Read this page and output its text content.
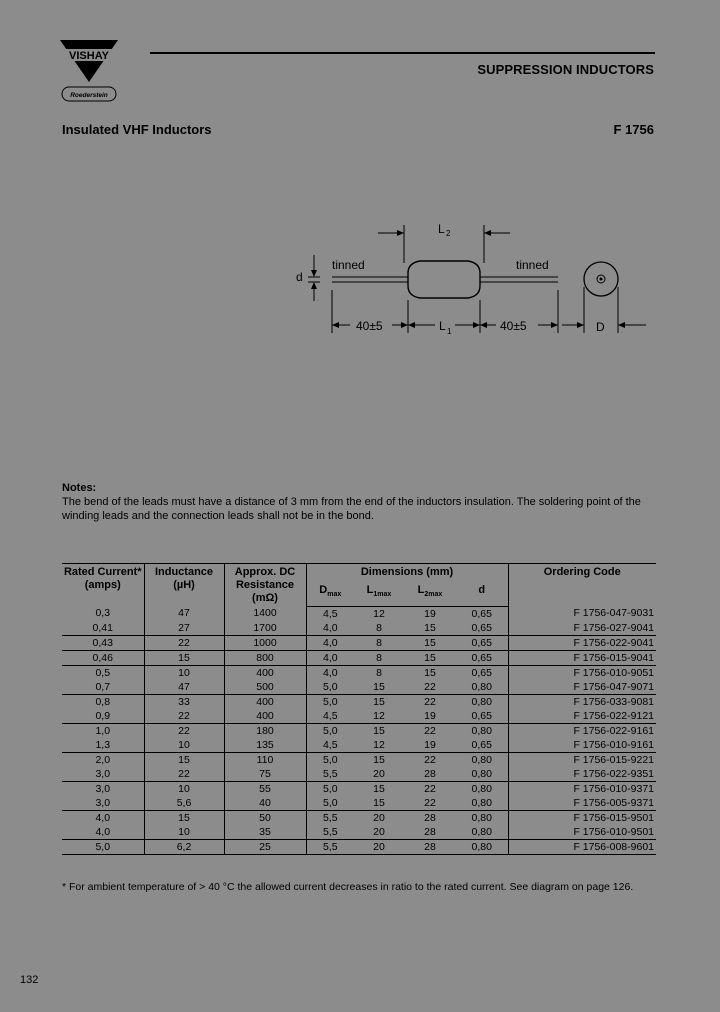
VISHAY
Roederstein
SUPPRESSION INDUCTORS
Insulated VHF Inductors	F 1756
tinned	tinned
d
L 2
40±5	40±5
L 1	D
Notes:
The bend of the leads must have a distance of 3 mm from the end of the inductors insulation. The soldering point of the winding leads and the connection leads shall not be in the bond.
Rated Current* (amps)	Inductance (µH)	Approx. DC Resistance (mΩ)	Dimensions (mm)				Ordering Code
			$D_{max}$	$L_{1max}$	$L_{2max}$	d	
0,3	47	1400	4,5	12	19	0,65	F 1756-047-9031
0,41	27	1700	4,0	8	15	0,65	F 1756-027-9041
0,43	22	1000	4,0	8	15	0,65	F 1756-022-9041
0,46	15	800	4,0	8	15	0,65	F 1756-015-9041
0,5	10	400	4,0	8	15	0,65	F 1756-010-9051
0,7	47	500	5,0	15	22	0,80	F 1756-047-9071
0,8	33	400	5,0	15	22	0,80	F 1756-033-9081
0,9	22	400	4,5	12	19	0,65	F 1756-022-9121
1,0	22	180	5,0	15	22	0,80	F 1756-022-9161
1,3	10	135	4,5	12	19	0,65	F 1756-010-9161
2,0	15	110	5,0	15	22	0,80	F 1756-015-9221
3,0	22	75	5,5	20	28	0,80	F 1756-022-9351
3,0	10	55	5,0	15	22	0,80	F 1756-010-9371
3,0	5,6	40	5,0	15	22	0,80	F 1756-005-9371
4,0	15	50	5,5	20	28	0,80	F 1756-015-9501
4,0	10	35	5,5	20	28	0,80	F 1756-010-9501
5,0	6,2	25	5,5	20	28	0,80	F 1756-008-9601
* For ambient temperature of > 40 °C the allowed current decreases in ratio to the rated current. See diagram on page 126.
132
